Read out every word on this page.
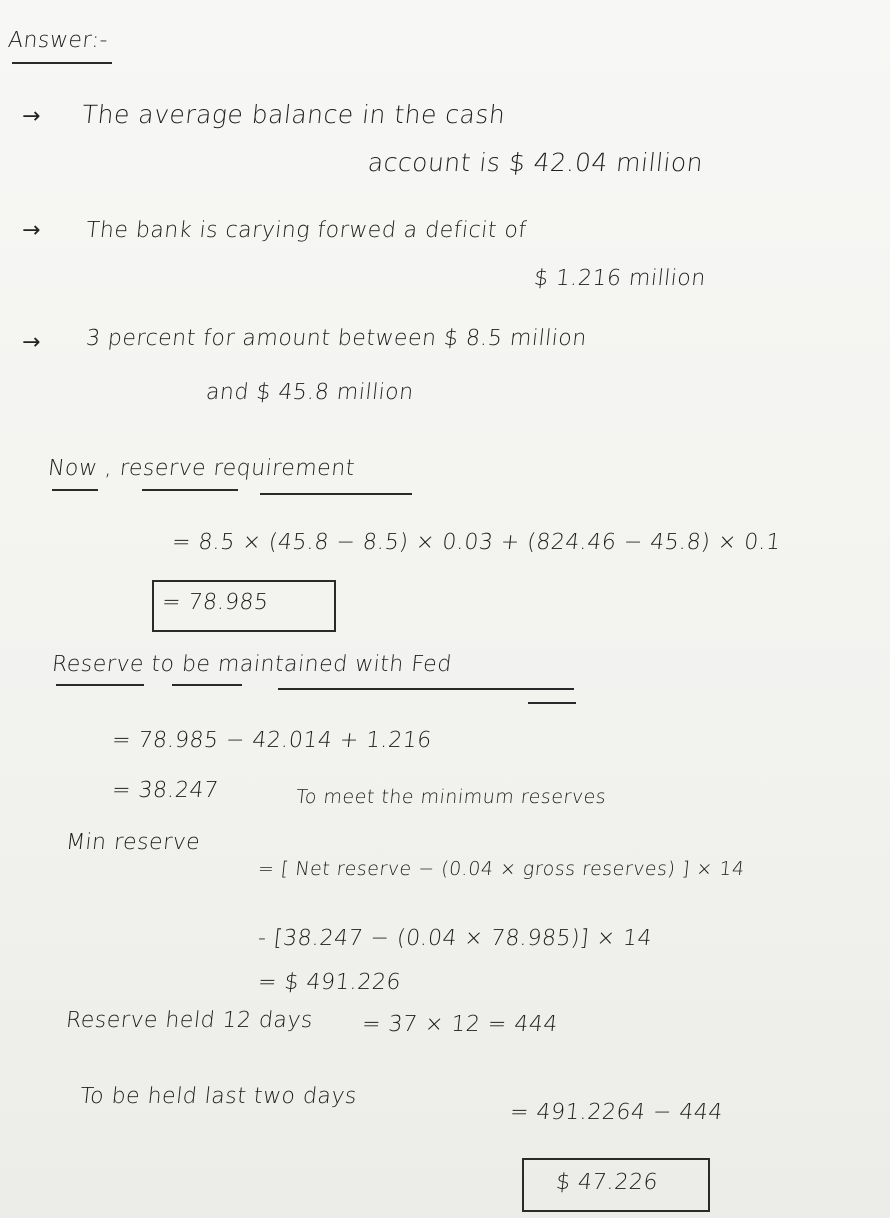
Answer:-
→ The average balance in the cash
account is $ 42.04 million
→ The bank is carying forwed a deficit of
$ 1.216 million
→ 3 percent for amount between $ 8.5 million
and $ 45.8 million
Now , reserve requirement
= 8.5 × (45.8 − 8.5) × 0.03 + (824.46 − 45.8) × 0.1
= 78.985
Reserve to be maintained with Fed
= 78.985 − 42.014 + 1.216
= 38.247	To meet the minimum reserves
Min reserve
= [ Net reserve − (0.04 × gross reserves) ] × 14
- [38.247 − (0.04 × 78.985)] × 14
= $ 491.226
Reserve held 12 days = 37 × 12 = 444
To be held last two days
= 491.2264 − 444
$ 47.226
